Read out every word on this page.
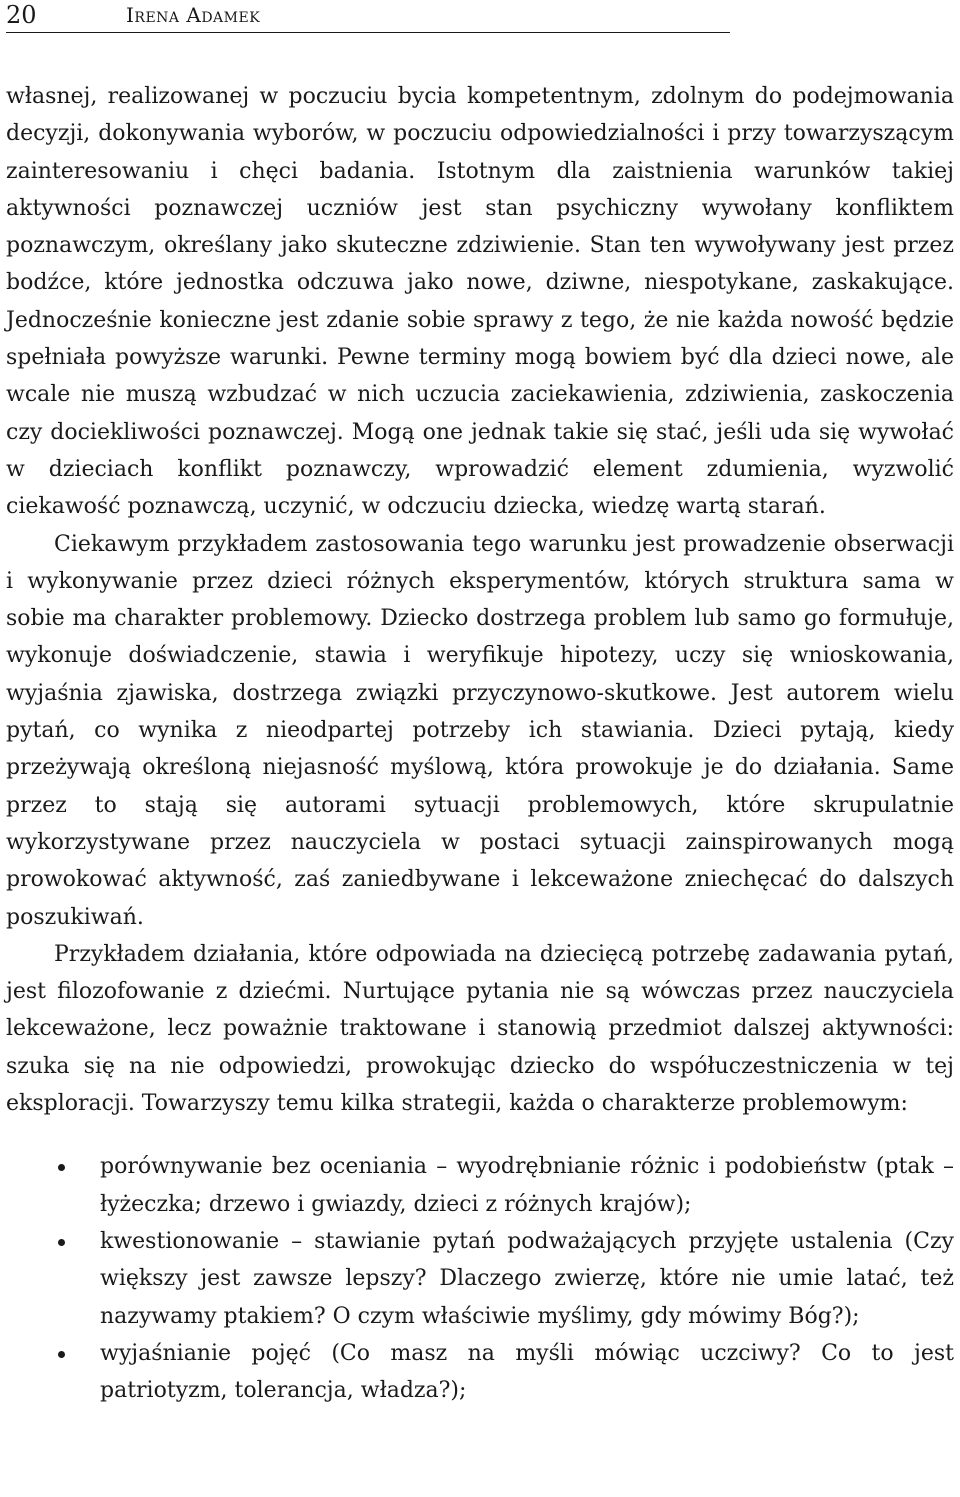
20	Irena Adamek

własnej, realizowanej w poczuciu bycia kompetentnym, zdolnym do podejmowania decyzji, dokonywania wyborów, w poczuciu odpowiedzialności i przy towarzyszącym zainteresowaniu i chęci badania. Istotnym dla zaistnienia warunków takiej aktywności poznawczej uczniów jest stan psychiczny wywołany konfliktem poznawczym, określany jako skuteczne zdziwienie. Stan ten wywoływany jest przez bodźce, które jednostka odczuwa jako nowe, dziwne, niespotykane, zaskakujące. Jednocześnie konieczne jest zdanie sobie sprawy z tego, że nie każda nowość będzie spełniała powyższe warunki. Pewne terminy mogą bowiem być dla dzieci nowe, ale wcale nie muszą wzbudzać w nich uczucia zaciekawienia, zdziwienia, zaskoczenia czy dociekliwości poznawczej. Mogą one jednak takie się stać, jeśli uda się wywołać w dzieciach konflikt poznawczy, wprowadzić element zdumienia, wyzwolić ciekawość poznawczą, uczynić, w odczuciu dziecka, wiedzę wartą starań.

Ciekawym przykładem zastosowania tego warunku jest prowadzenie obserwacji i wykonywanie przez dzieci różnych eksperymentów, których struktura sama w sobie ma charakter problemowy. Dziecko dostrzega problem lub samo go formułuje, wykonuje doświadczenie, stawia i weryfikuje hipotezy, uczy się wnioskowania, wyjaśnia zjawiska, dostrzega związki przyczynowo-skutkowe. Jest autorem wielu pytań, co wynika z nieodpartej potrzeby ich stawiania. Dzieci pytają, kiedy przeżywają określoną niejasność myślową, która prowokuje je do działania. Same przez to stają się autorami sytuacji problemowych, które skrupulatnie wykorzystywane przez nauczyciela w postaci sytuacji zainspirowanych mogą prowokować aktywność, zaś zaniedbywane i lekceważone zniechęcać do dalszych poszukiwań.

Przykładem działania, które odpowiada na dziecięcą potrzebę zadawania pytań, jest filozofowanie z dziećmi. Nurtujące pytania nie są wówczas przez nauczyciela lekceważone, lecz poważnie traktowane i stanowią przedmiot dalszej aktywności: szuka się na nie odpowiedzi, prowokując dziecko do współuczestniczenia w tej eksploracji. Towarzyszy temu kilka strategii, każda o charakterze problemowym:

porównywanie bez oceniania – wyodrębnianie różnic i podobieństw (ptak – łyżeczka; drzewo i gwiazdy, dzieci z różnych krajów);
kwestionowanie – stawianie pytań podważających przyjęte ustalenia (Czy większy jest zawsze lepszy? Dlaczego zwierzę, które nie umie latać, też nazywamy ptakiem? O czym właściwie myślimy, gdy mówimy Bóg?);
wyjaśnianie pojęć (Co masz na myśli mówiąc uczciwy? Co to jest patriotyzm, tolerancja, władza?);
